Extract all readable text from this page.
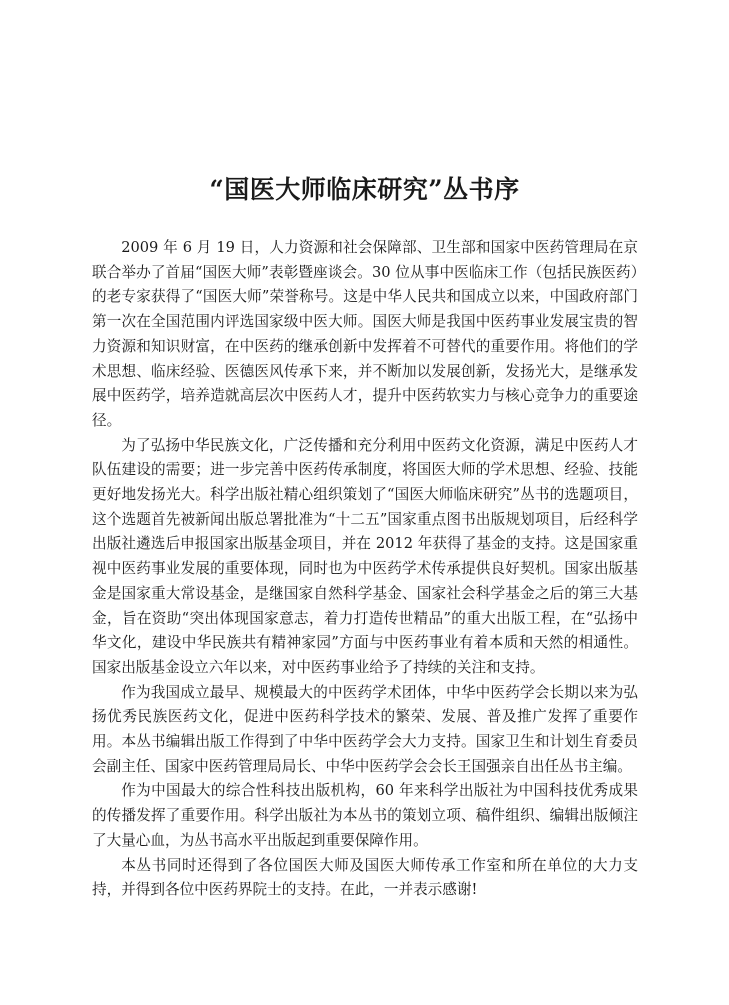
“国医大师临床研究”丛书序

2009 年 6 月 19 日，人力资源和社会保障部、卫生部和国家中医药管理局在京联合举办了首届“国医大师”表彰暨座谈会。30 位从事中医临床工作（包括民族医药）的老专家获得了“国医大师”荣誉称号。这是中华人民共和国成立以来，中国政府部门第一次在全国范围内评选国家级中医大师。国医大师是我国中医药事业发展宝贵的智力资源和知识财富，在中医药的继承创新中发挥着不可替代的重要作用。将他们的学术思想、临床经验、医德医风传承下来，并不断加以发展创新，发扬光大，是继承发展中医药学，培养造就高层次中医药人才，提升中医药软实力与核心竞争力的重要途径。

为了弘扬中华民族文化，广泛传播和充分利用中医药文化资源，满足中医药人才队伍建设的需要；进一步完善中医药传承制度，将国医大师的学术思想、经验、技能更好地发扬光大。科学出版社精心组织策划了“国医大师临床研究”丛书的选题项目，这个选题首先被新闻出版总署批准为“十二五”国家重点图书出版规划项目，后经科学出版社遴选后申报国家出版基金项目，并在 2012 年获得了基金的支持。这是国家重视中医药事业发展的重要体现，同时也为中医药学术传承提供良好契机。国家出版基金是国家重大常设基金，是继国家自然科学基金、国家社会科学基金之后的第三大基金，旨在资助“突出体现国家意志，着力打造传世精品”的重大出版工程，在“弘扬中华文化，建设中华民族共有精神家园”方面与中医药事业有着本质和天然的相通性。国家出版基金设立六年以来，对中医药事业给予了持续的关注和支持。

作为我国成立最早、规模最大的中医药学术团体，中华中医药学会长期以来为弘扬优秀民族医药文化，促进中医药科学技术的繁荣、发展、普及推广发挥了重要作用。本丛书编辑出版工作得到了中华中医药学会大力支持。国家卫生和计划生育委员会副主任、国家中医药管理局局长、中华中医药学会会长王国强亲自出任丛书主编。

作为中国最大的综合性科技出版机构，60 年来科学出版社为中国科技优秀成果的传播发挥了重要作用。科学出版社为本丛书的策划立项、稿件组织、编辑出版倾注了大量心血，为丛书高水平出版起到重要保障作用。

本丛书同时还得到了各位国医大师及国医大师传承工作室和所在单位的大力支持，并得到各位中医药界院士的支持。在此，一并表示感谢!
